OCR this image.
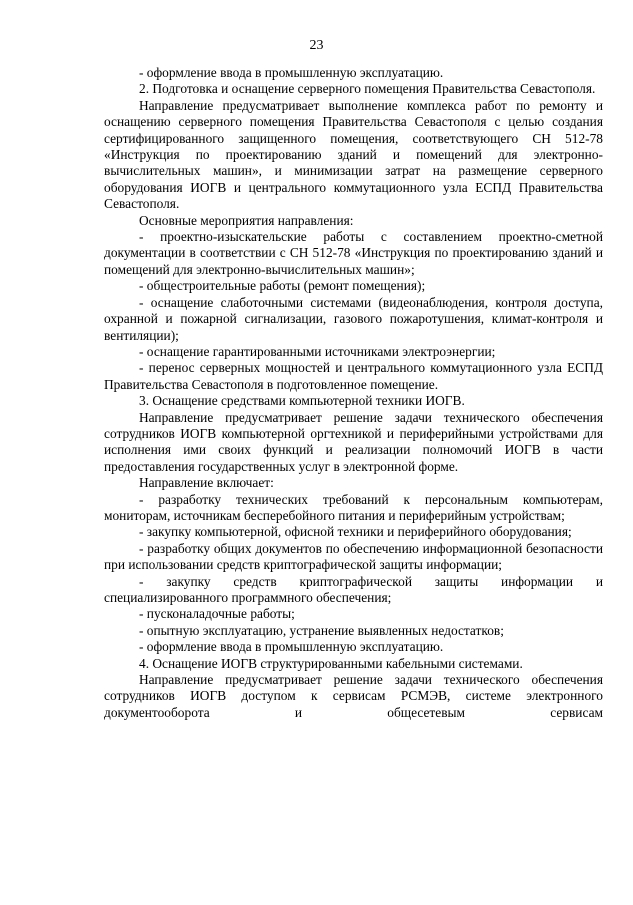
23

- оформление ввода в промышленную эксплуатацию.

2. Подготовка и оснащение серверного помещения Правительства Севастополя.

Направление предусматривает выполнение комплекса работ по ремонту и оснащению серверного помещения Правительства Севастополя с целью создания сертифицированного защищенного помещения, соответствующего СН 512-78 «Инструкция по проектированию зданий и помещений для электронно-вычислительных машин», и минимизации затрат на размещение серверного оборудования ИОГВ и центрального коммутационного узла ЕСПД Правительства Севастополя.

Основные мероприятия направления:

- проектно-изыскательские работы с составлением проектно-сметной документации в соответствии с СН 512-78 «Инструкция по проектированию зданий и помещений для электронно-вычислительных машин»;

- общестроительные работы (ремонт помещения);

- оснащение слаботочными системами (видеонаблюдения, контроля доступа, охранной и пожарной сигнализации, газового пожаротушения, климат-контроля и вентиляции);

- оснащение гарантированными источниками электроэнергии;

- перенос серверных мощностей и центрального коммутационного узла ЕСПД Правительства Севастополя в подготовленное помещение.

3. Оснащение средствами компьютерной техники ИОГВ.

Направление предусматривает решение задачи технического обеспечения сотрудников ИОГВ компьютерной оргтехникой и периферийными устройствами для исполнения ими своих функций и реализации полномочий ИОГВ в части предоставления государственных услуг в электронной форме.

Направление включает:

- разработку технических требований к персональным компьютерам, мониторам, источникам бесперебойного питания и периферийным устройствам;

- закупку компьютерной, офисной техники и периферийного оборудования;

- разработку общих документов по обеспечению информационной безопасности при использовании средств криптографической защиты информации;

- закупку средств криптографической защиты информации и специализированного программного обеспечения;

- пусконаладочные работы;

- опытную эксплуатацию, устранение выявленных недостатков;

- оформление ввода в промышленную эксплуатацию.

4. Оснащение ИОГВ структурированными кабельными системами.

Направление предусматривает решение задачи технического обеспечения сотрудников ИОГВ доступом к сервисам РСМЭВ, системе электронного документооборота и общесетевым сервисам
